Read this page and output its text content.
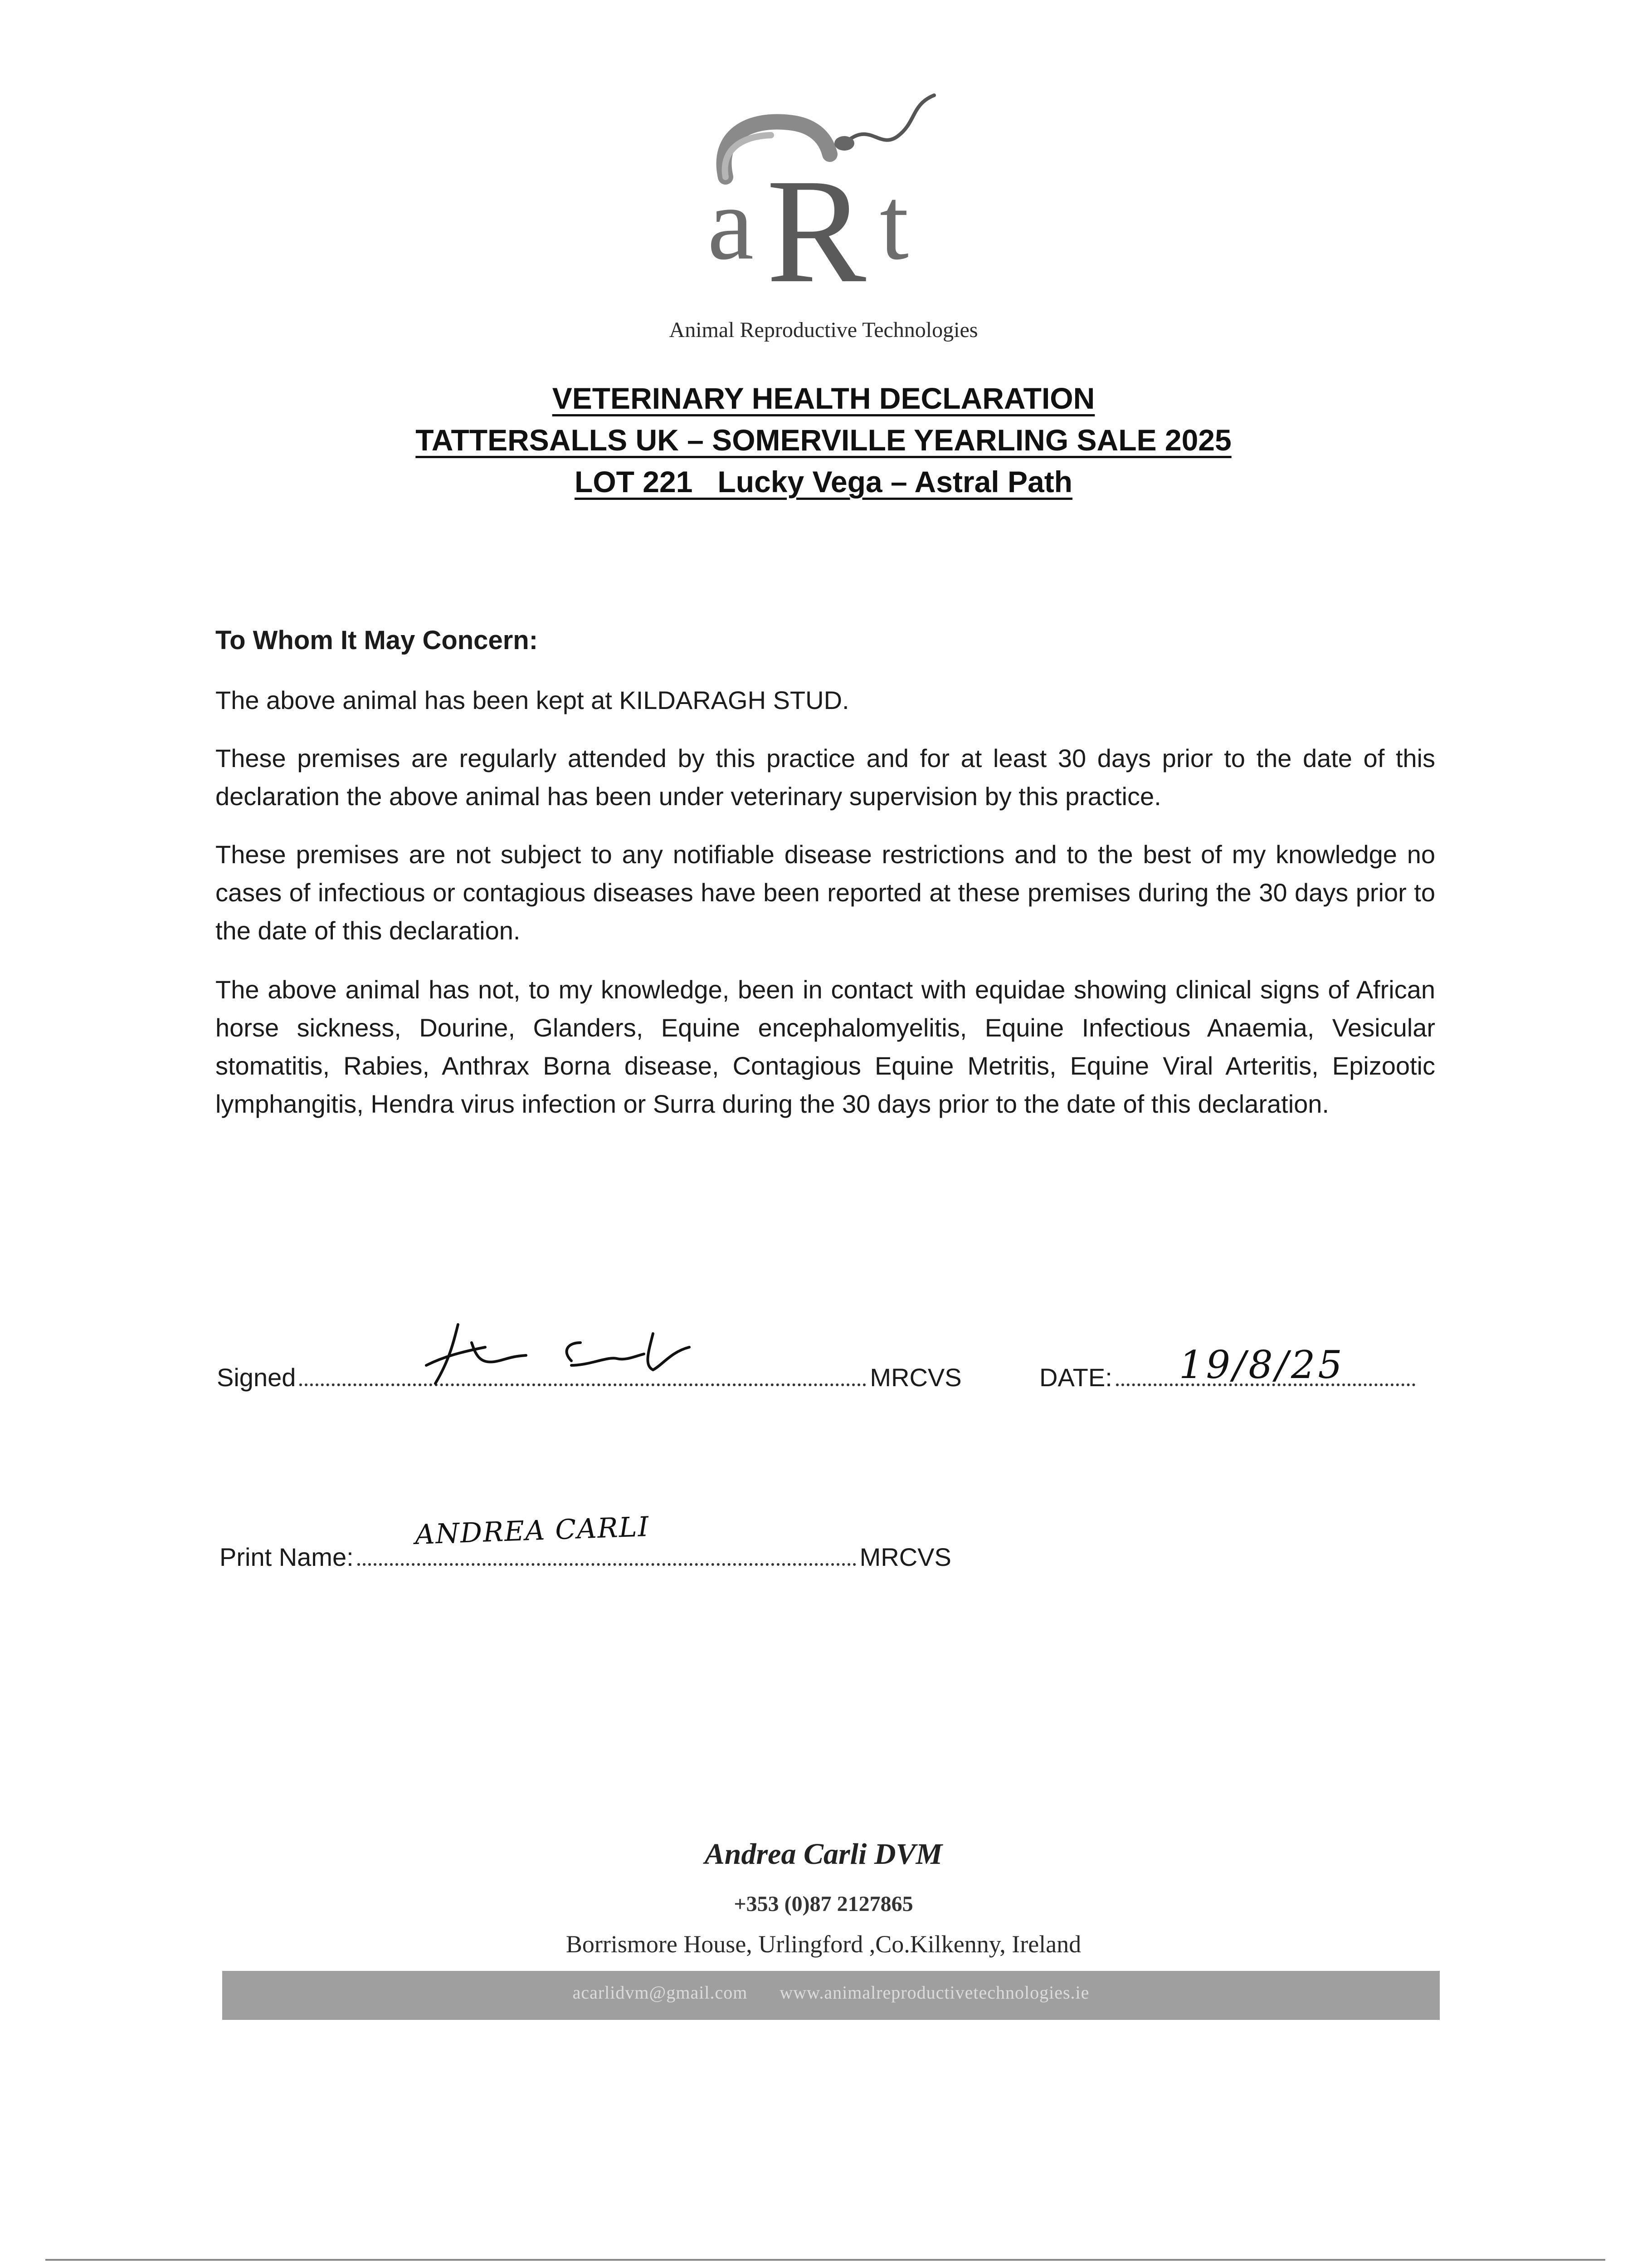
a R t
Animal Reproductive Technologies
VETERINARY HEALTH DECLARATION
TATTERSALLS UK – SOMERVILLE YEARLING SALE 2025
LOT 221   Lucky Vega – Astral Path
To Whom It May Concern:
The above animal has been kept at KILDARAGH STUD.
These premises are regularly attended by this practice and for at least 30 days prior to the date of this declaration the above animal has been under veterinary supervision by this practice.
These premises are not subject to any notifiable disease restrictions and to the best of my knowledge no cases of infectious or contagious diseases have been reported at these premises during the 30 days prior to the date of this declaration.
The above animal has not, to my knowledge, been in contact with equidae showing clinical signs of African horse sickness, Dourine, Glanders, Equine encephalomyelitis, Equine Infectious Anaemia, Vesicular stomatitis, Rabies, Anthrax Borna disease, Contagious Equine Metritis, Equine Viral Arteritis, Epizootic lymphangitis, Hendra virus infection or Surra during the 30 days prior to the date of this declaration.
Signed	MRCVS	DATE:	19/8/25
Print Name:	MRCVS
ANDREA CARLI
Andrea Carli DVM
+353 (0)87 2127865
Borrismore House, Urlingford ,Co.Kilkenny, Ireland
acarlidvm@gmail.com www.animalreproductivetechnologies.ie
